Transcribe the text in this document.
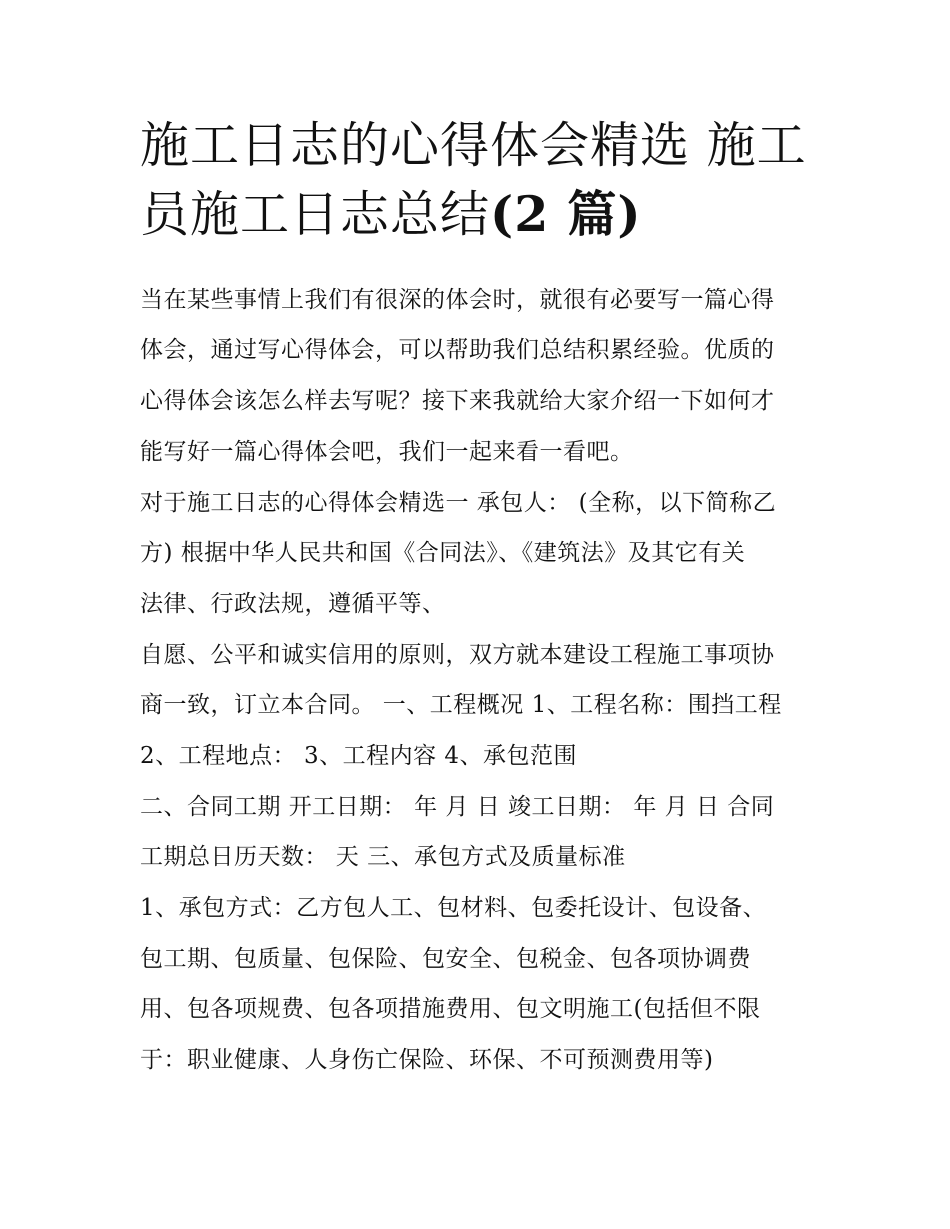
施工日志的心得体会精选 施工
员施工日志总结(2 篇)

当在某些事情上我们有很深的体会时，就很有必要写一篇心得

体会，通过写心得体会，可以帮助我们总结积累经验。优质的

心得体会该怎么样去写呢？接下来我就给大家介绍一下如何才

能写好一篇心得体会吧，我们一起来看一看吧。

对于施工日志的心得体会精选一 承包人： (全称，以下简称乙

方) 根据中华人民共和国《合同法》、《建筑法》及其它有关

法律、行政法规，遵循平等、

自愿、公平和诚实信用的原则，双方就本建设工程施工事项协

商一致，订立本合同。 一、工程概况 1、工程名称：围挡工程

2、工程地点： 3、工程内容 4、承包范围

二、合同工期 开工日期： 年 月 日 竣工日期： 年 月 日 合同

工期总日历天数： 天 三、承包方式及质量标准

1、承包方式：乙方包人工、包材料、包委托设计、包设备、

包工期、包质量、包保险、包安全、包税金、包各项协调费

用、包各项规费、包各项措施费用、包文明施工(包括但不限

于：职业健康、人身伤亡保险、环保、不可预测费用等)
